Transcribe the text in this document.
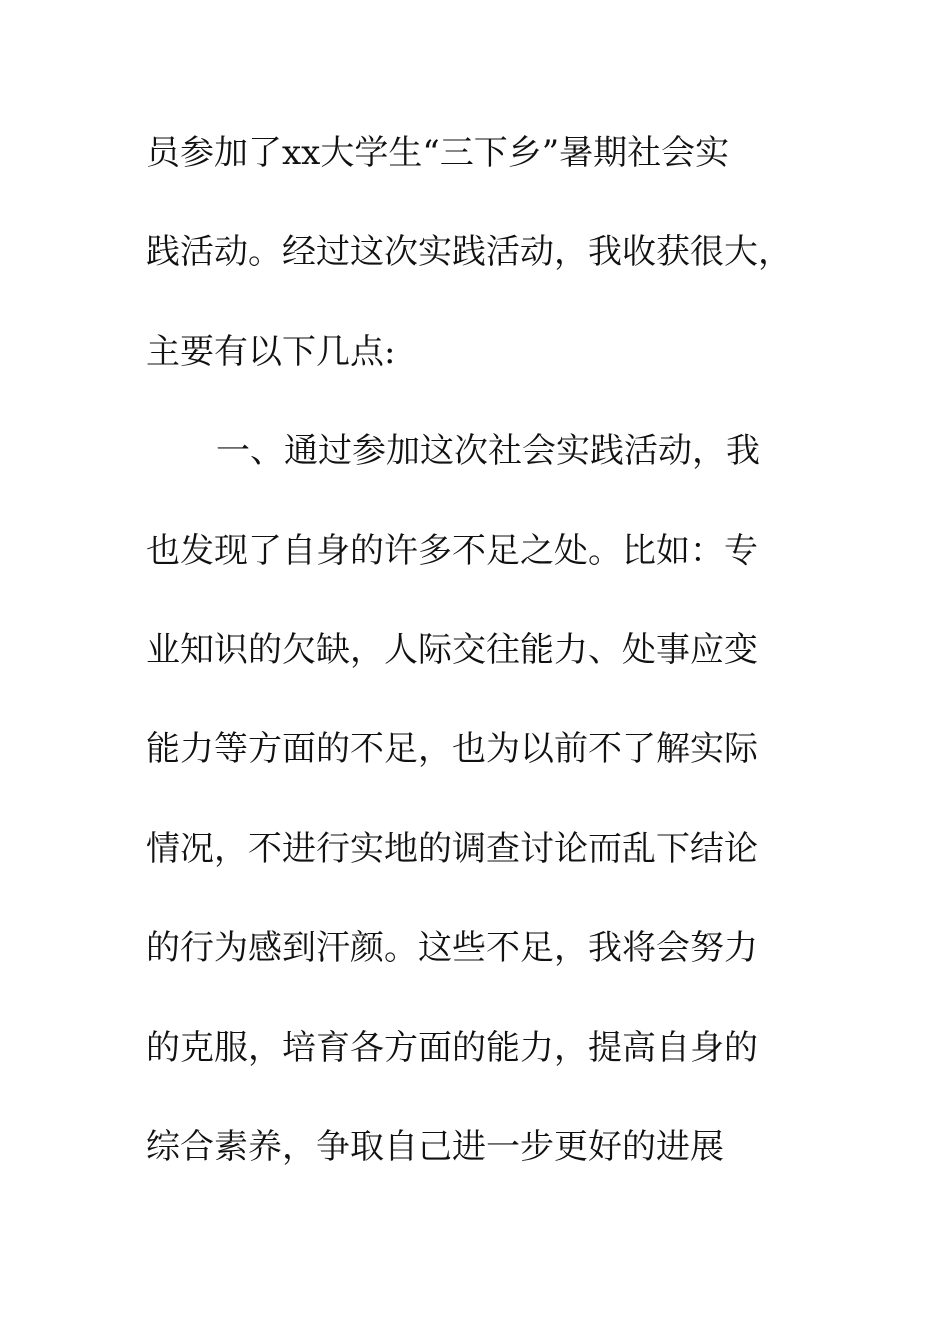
员参加了xx大学生“三下乡”暑期社会实
践活动。经过这次实践活动，我收获很大，
主要有以下几点:
一、通过参加这次社会实践活动，我
也发现了自身的许多不足之处。比如：专
业知识的欠缺，人际交往能力、处事应变
能力等方面的不足，也为以前不了解实际
情况，不进行实地的调查讨论而乱下结论
的行为感到汗颜。这些不足，我将会努力
的克服，培育各方面的能力，提高自身的
综合素养，争取自己进一步更好的进展
